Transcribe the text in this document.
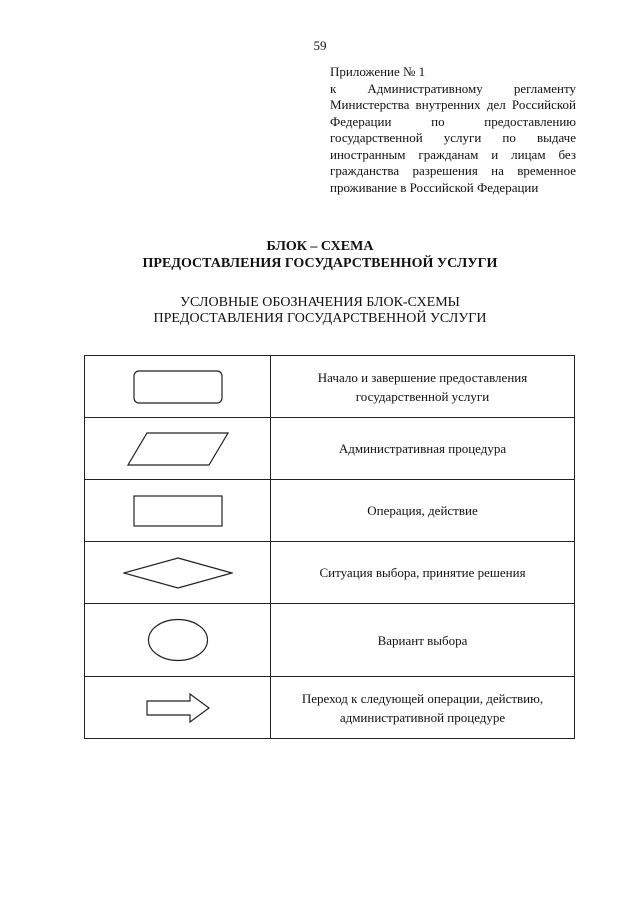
59
Приложение № 1
к Административному регламенту
Министерства внутренних дел Российской
Федерации по предоставлению
государственной услуги по выдаче
иностранным гражданам и лицам без
гражданства разрешения на временное
проживание в Российской Федерации
БЛОК – СХЕМА
ПРЕДОСТАВЛЕНИЯ ГОСУДАРСТВЕННОЙ УСЛУГИ
УСЛОВНЫЕ ОБОЗНАЧЕНИЯ БЛОК-СХЕМЫ
ПРЕДОСТАВЛЕНИЯ ГОСУДАРСТВЕННОЙ УСЛУГИ

Начало и завершение предоставления
государственной услуги

Административная процедура

Операция, действие

Ситуация выбора, принятие решения

Вариант выбора

Переход к следующей операции, действию,
административной процедуре
